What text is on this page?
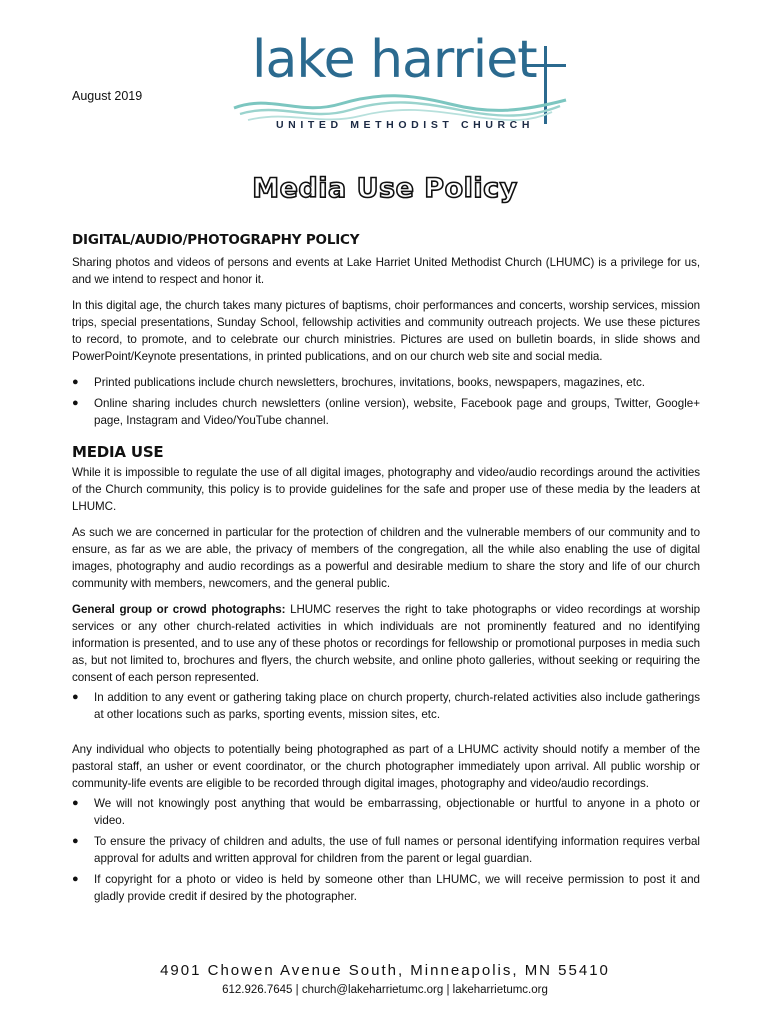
August 2019
lake harriet
UNITED METHODIST CHURCH
Media Use Policy
DIGITAL/AUDIO/PHOTOGRAPHY POLICY

Sharing photos and videos of persons and events at Lake Harriet United Methodist Church (LHUMC) is a privilege for us, and we intend to respect and honor it.

In this digital age, the church takes many pictures of baptisms, choir performances and concerts, worship services, mission trips, special presentations, Sunday School, fellowship activities and community outreach projects. We use these pictures to record, to promote, and to celebrate our church ministries. Pictures are used on bulletin boards, in slide shows and PowerPoint/Keynote presentations, in printed publications, and on our church web site and social media.

● Printed publications include church newsletters, brochures, invitations, books, newspapers, magazines, etc.
● Online sharing includes church newsletters (online version), website, Facebook page and groups, Twitter, Google+ page, Instagram and Video/YouTube channel.
MEDIA USE

While it is impossible to regulate the use of all digital images, photography and video/audio recordings around the activities of the Church community, this policy is to provide guidelines for the safe and proper use of these media by the leaders at LHUMC.

As such we are concerned in particular for the protection of children and the vulnerable members of our community and to ensure, as far as we are able, the privacy of members of the congregation, all the while also enabling the use of digital images, photography and audio recordings as a powerful and desirable medium to share the story and life of our church community with members, newcomers, and the general public.

General group or crowd photographs: LHUMC reserves the right to take photographs or video recordings at worship services or any other church-related activities in which individuals are not prominently featured and no identifying information is presented, and to use any of these photos or recordings for fellowship or promotional purposes in media such as, but not limited to, brochures and flyers, the church website, and online photo galleries, without seeking or requiring the consent of each person represented.

● In addition to any event or gathering taking place on church property, church-related activities also include gatherings at other locations such as parks, sporting events, mission sites, etc.

Any individual who objects to potentially being photographed as part of a LHUMC activity should notify a member of the pastoral staff, an usher or event coordinator, or the church photographer immediately upon arrival. All public worship or community-life events are eligible to be recorded through digital images, photography and video/audio recordings.

● We will not knowingly post anything that would be embarrassing, objectionable or hurtful to anyone in a photo or video.
● To ensure the privacy of children and adults, the use of full names or personal identifying information requires verbal approval for adults and written approval for children from the parent or legal guardian.
● If copyright for a photo or video is held by someone other than LHUMC, we will receive permission to post it and gladly provide credit if desired by the photographer.
4901 Chowen Avenue South, Minneapolis, MN 55410
612.926.7645 | church@lakeharrietumc.org | lakeharrietumc.org
